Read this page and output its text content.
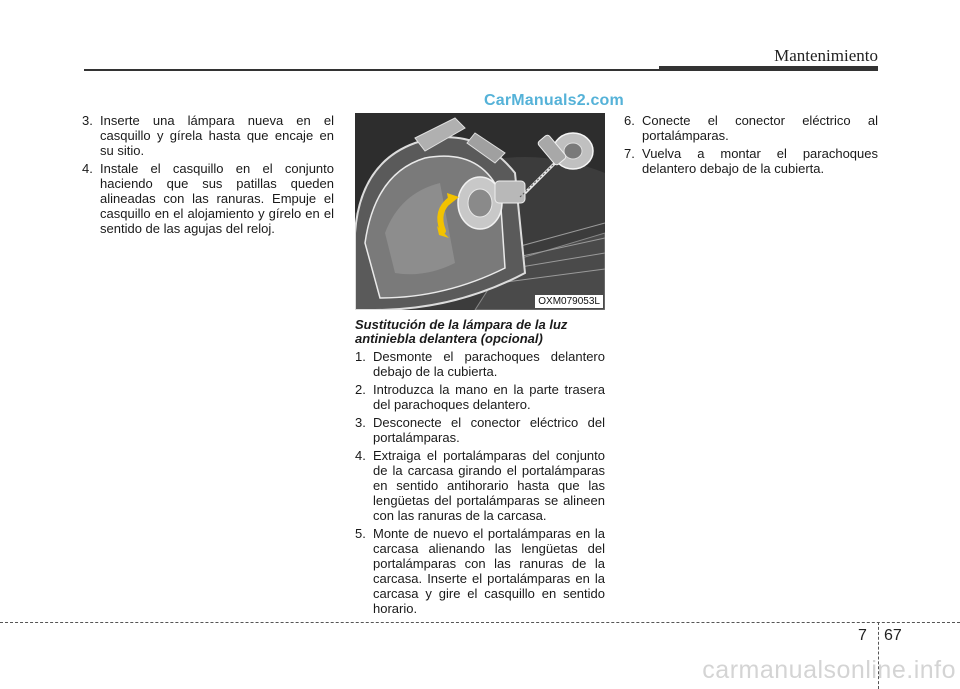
Mantenimiento
CarManuals2.com
3. Inserte una lámpara nueva en el casquillo y gírela hasta que encaje en su sitio.
4. Instale el casquillo en el conjunto haciendo que sus patillas queden alineadas con las ranuras. Empuje el casquillo en el alojamiento y gírelo en el sentido de las agujas del reloj.
OXM079053L
Sustitución de la lámpara de la luz
antiniebla delantera (opcional)
1. Desmonte el parachoques delantero debajo de la cubierta.
2. Introduzca la mano en la parte trasera del parachoques delantero.
3. Desconecte el conector eléctrico del portalámparas.
4. Extraiga el portalámparas del conjunto de la carcasa girando el portalámparas en sentido antihorario hasta que las lengüetas del portalámparas se alineen con las ranuras de la carcasa.
5. Monte de nuevo el portalámparas en la carcasa alienando las lengüetas del portalámparas con las ranuras de la carcasa. Inserte el portalámparas en la carcasa y gire el casquillo en sentido horario.
6. Conecte el conector eléctrico al portalámparas.
7. Vuelva a montar el parachoques delantero debajo de la cubierta.
7 67
carmanualsonline.info
